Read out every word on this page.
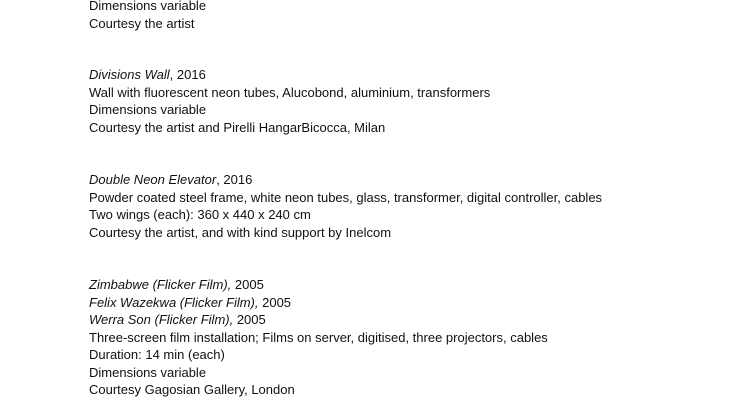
Dimensions variable
Courtesy the artist
Divisions Wall, 2016
Wall with fluorescent neon tubes, Alucobond, aluminium, transformers
Dimensions variable
Courtesy the artist and Pirelli HangarBicocca, Milan
Double Neon Elevator, 2016
Powder coated steel frame, white neon tubes, glass, transformer, digital controller, cables
Two wings (each): 360 x 440 x 240 cm
Courtesy the artist, and with kind support by Inelcom
Zimbabwe (Flicker Film), 2005
Felix Wazekwa (Flicker Film), 2005
Werra Son (Flicker Film), 2005
Three-screen film installation; Films on server, digitised, three projectors, cables
Duration: 14 min (each)
Dimensions variable
Courtesy Gagosian Gallery, London
